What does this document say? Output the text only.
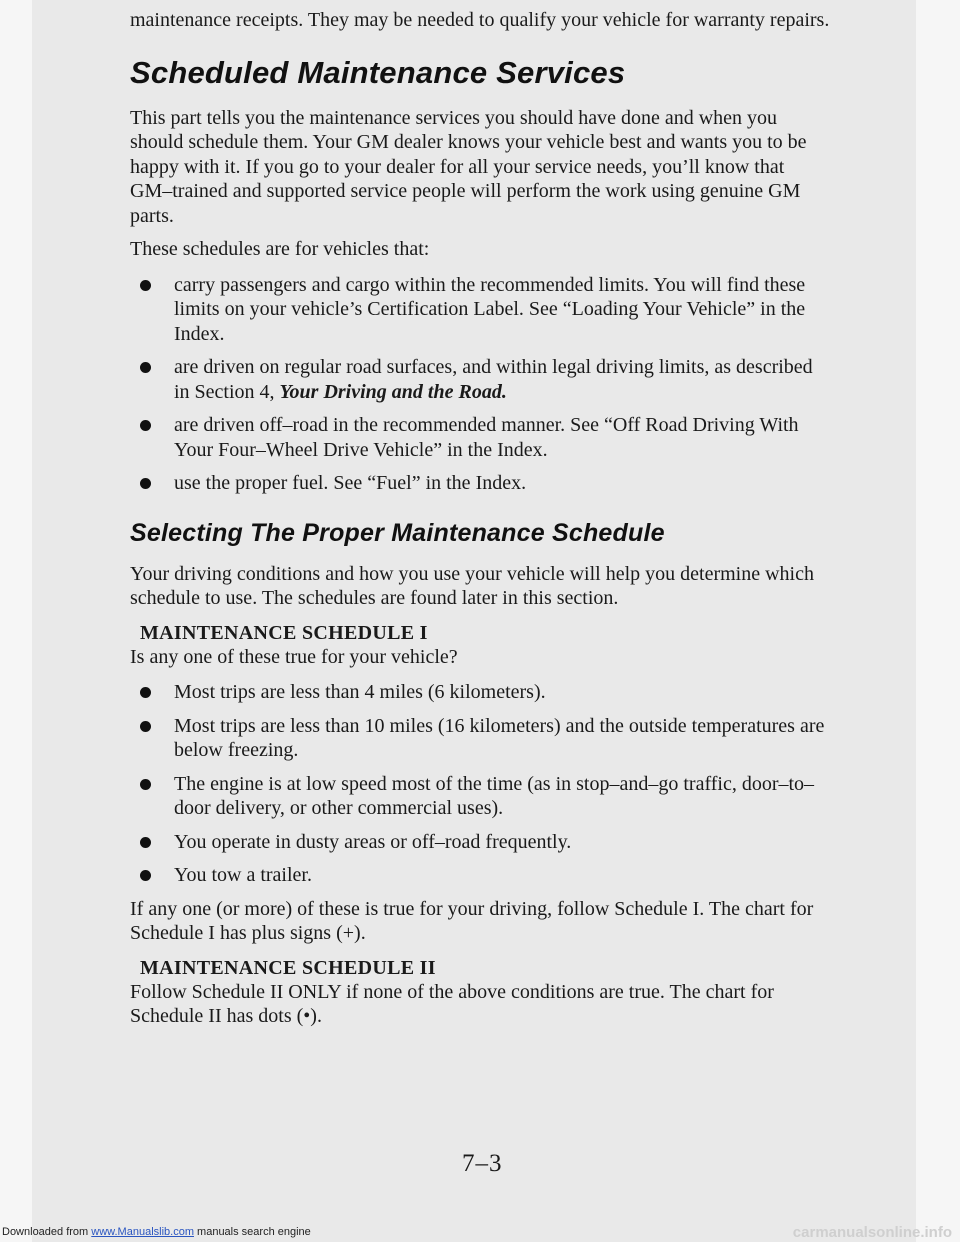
maintenance receipts. They may be needed to qualify your vehicle for warranty repairs.

Scheduled Maintenance Services

This part tells you the maintenance services you should have done and when you should schedule them. Your GM dealer knows your vehicle best and wants you to be happy with it. If you go to your dealer for all your service needs, you’ll know that GM–trained and supported service people will perform the work using genuine GM parts.

These schedules are for vehicles that:

carry passengers and cargo within the recommended limits. You will find these limits on your vehicle’s Certification Label. See “Loading Your Vehicle” in the Index.
are driven on regular road surfaces, and within legal driving limits, as described in Section 4, Your Driving and the Road.
are driven off–road in the recommended manner. See “Off Road Driving With Your Four–Wheel Drive Vehicle” in the Index.
use the proper fuel. See “Fuel” in the Index.
Selecting The Proper Maintenance Schedule

Your driving conditions and how you use your vehicle will help you determine which schedule to use. The schedules are found later in this section.

MAINTENANCE SCHEDULE I

Is any one of these true for your vehicle?

Most trips are less than 4 miles (6 kilometers).
Most trips are less than 10 miles (16 kilometers) and the outside temperatures are below freezing.
The engine is at low speed most of the time (as in stop–and–go traffic, door–to–door delivery, or other commercial uses).
You operate in dusty areas or off–road frequently.
You tow a trailer.

If any one (or more) of these is true for your driving, follow Schedule I. The chart for Schedule I has plus signs (+).

MAINTENANCE SCHEDULE II

Follow Schedule II ONLY if none of the above conditions are true. The chart for Schedule II has dots (•).

7–3
Downloaded from www.Manualslib.com manuals search engine	carmanualsonline.info
